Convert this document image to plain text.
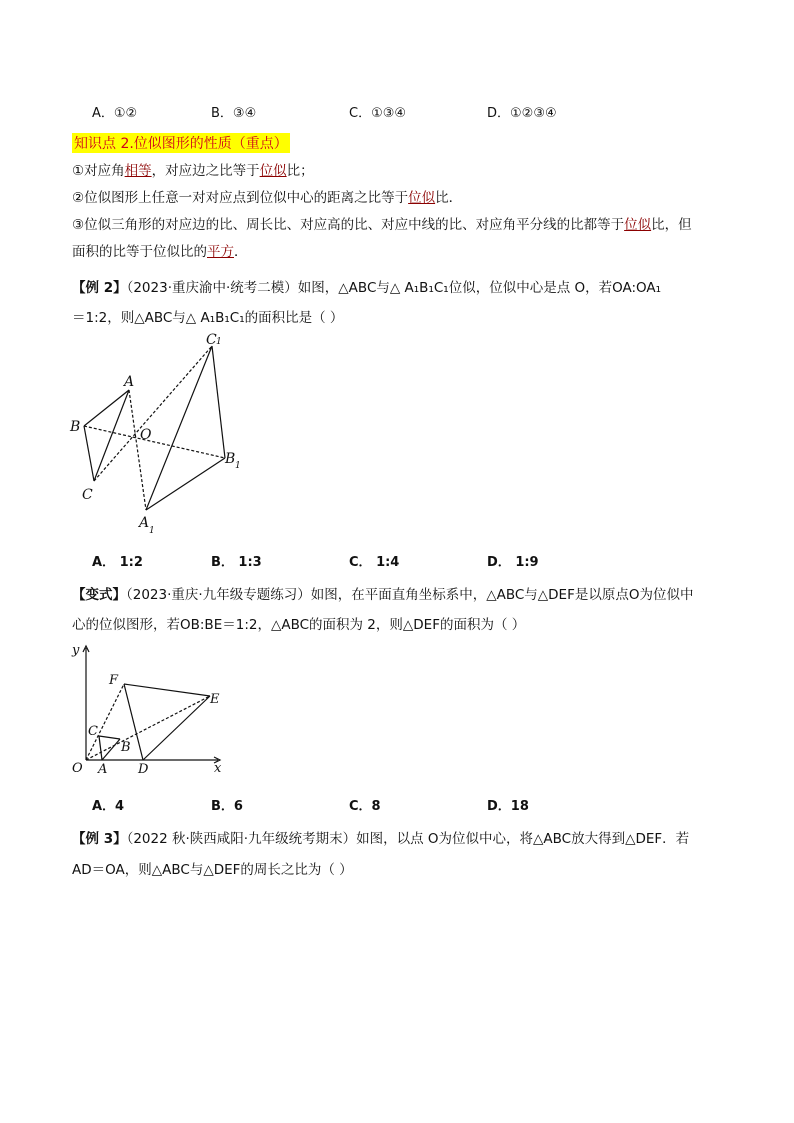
A．①②	B．③④	C．①③④	D．①②③④
知识点 2.位似图形的性质（重点）
①对应角相等，对应边之比等于位似比；
②位似图形上任意一对对应点到位似中心的距离之比等于位似比．
③位似三角形的对应边的比、周长比、对应高的比、对应中线的比、对应角平分线的比都等于位似比，但
面积的比等于位似比的平方．
【例 2】（2023·重庆渝中·统考二模）如图，△ABC与△ A₁B₁C₁位似，位似中心是点 O，若OA:OA₁
＝1:2，则△ABC与△ A₁B₁C₁的面积比是（ ）
A
B
C
O
C 1
B 1
A 1
A． 1:2	B． 1:3	C． 1:4	D． 1:9
【变式】（2023·重庆·九年级专题练习）如图，在平面直角坐标系中，△ABC与△DEF是以原点O为位似中
心的位似图形，若OB:BE＝1:2，△ABC的面积为 2，则△DEF的面积为（ ）
y
x
O A
B
C
D
E
F
A．4	B．6	C．8	D．18
【例 3】（2022 秋·陕西咸阳·九年级统考期末）如图，以点 O为位似中心，将△ABC放大得到△DEF．若
AD＝OA，则△ABC与△DEF的周长之比为（ ）
